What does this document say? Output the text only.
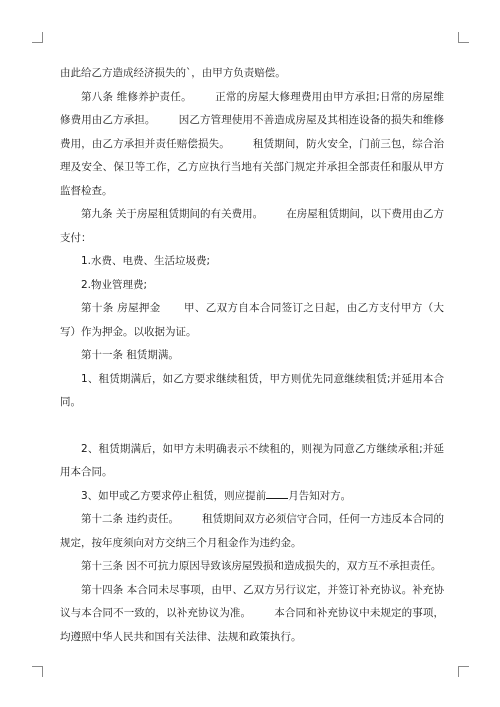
由此给乙方造成经济损失的`，由甲方负责赔偿。

第八条 维修养护责任。 正常的房屋大修理费用由甲方承担;日常的房屋维修费用由乙方承担。 因乙方管理使用不善造成房屋及其相连设备的损失和维修费用，由乙方承担并责任赔偿损失。 租赁期间，防火安全，门前三包，综合治理及安全、保卫等工作，乙方应执行当地有关部门规定并承担全部责任和服从甲方监督检查。

第九条 关于房屋租赁期间的有关费用。 在房屋租赁期间，以下费用由乙方支付：

1.水费、电费、生活垃圾费;

2.物业管理费;

第十条 房屋押金 甲、乙双方自本合同签订之日起，由乙方支付甲方（大写）作为押金。以收据为证。

第十一条 租赁期满。

1、租赁期满后，如乙方要求继续租赁，甲方则优先同意继续租赁;并延用本合同。

2、租赁期满后，如甲方未明确表示不续租的，则视为同意乙方继续承租;并延用本合同。

3、如甲或乙方要求停止租赁，则应提前 月告知对方。

第十二条 违约责任。 租赁期间双方必须信守合同，任何一方违反本合同的规定，按年度须向对方交纳三个月租金作为违约金。

第十三条 因不可抗力原因导致该房屋毁损和造成损失的，双方互不承担责任。

第十四条 本合同未尽事项，由甲、乙双方另行议定，并签订补充协议。补充协议与本合同不一致的，以补充协议为准。 本合同和补充协议中未规定的事项，均遵照中华人民共和国有关法律、法规和政策执行。
